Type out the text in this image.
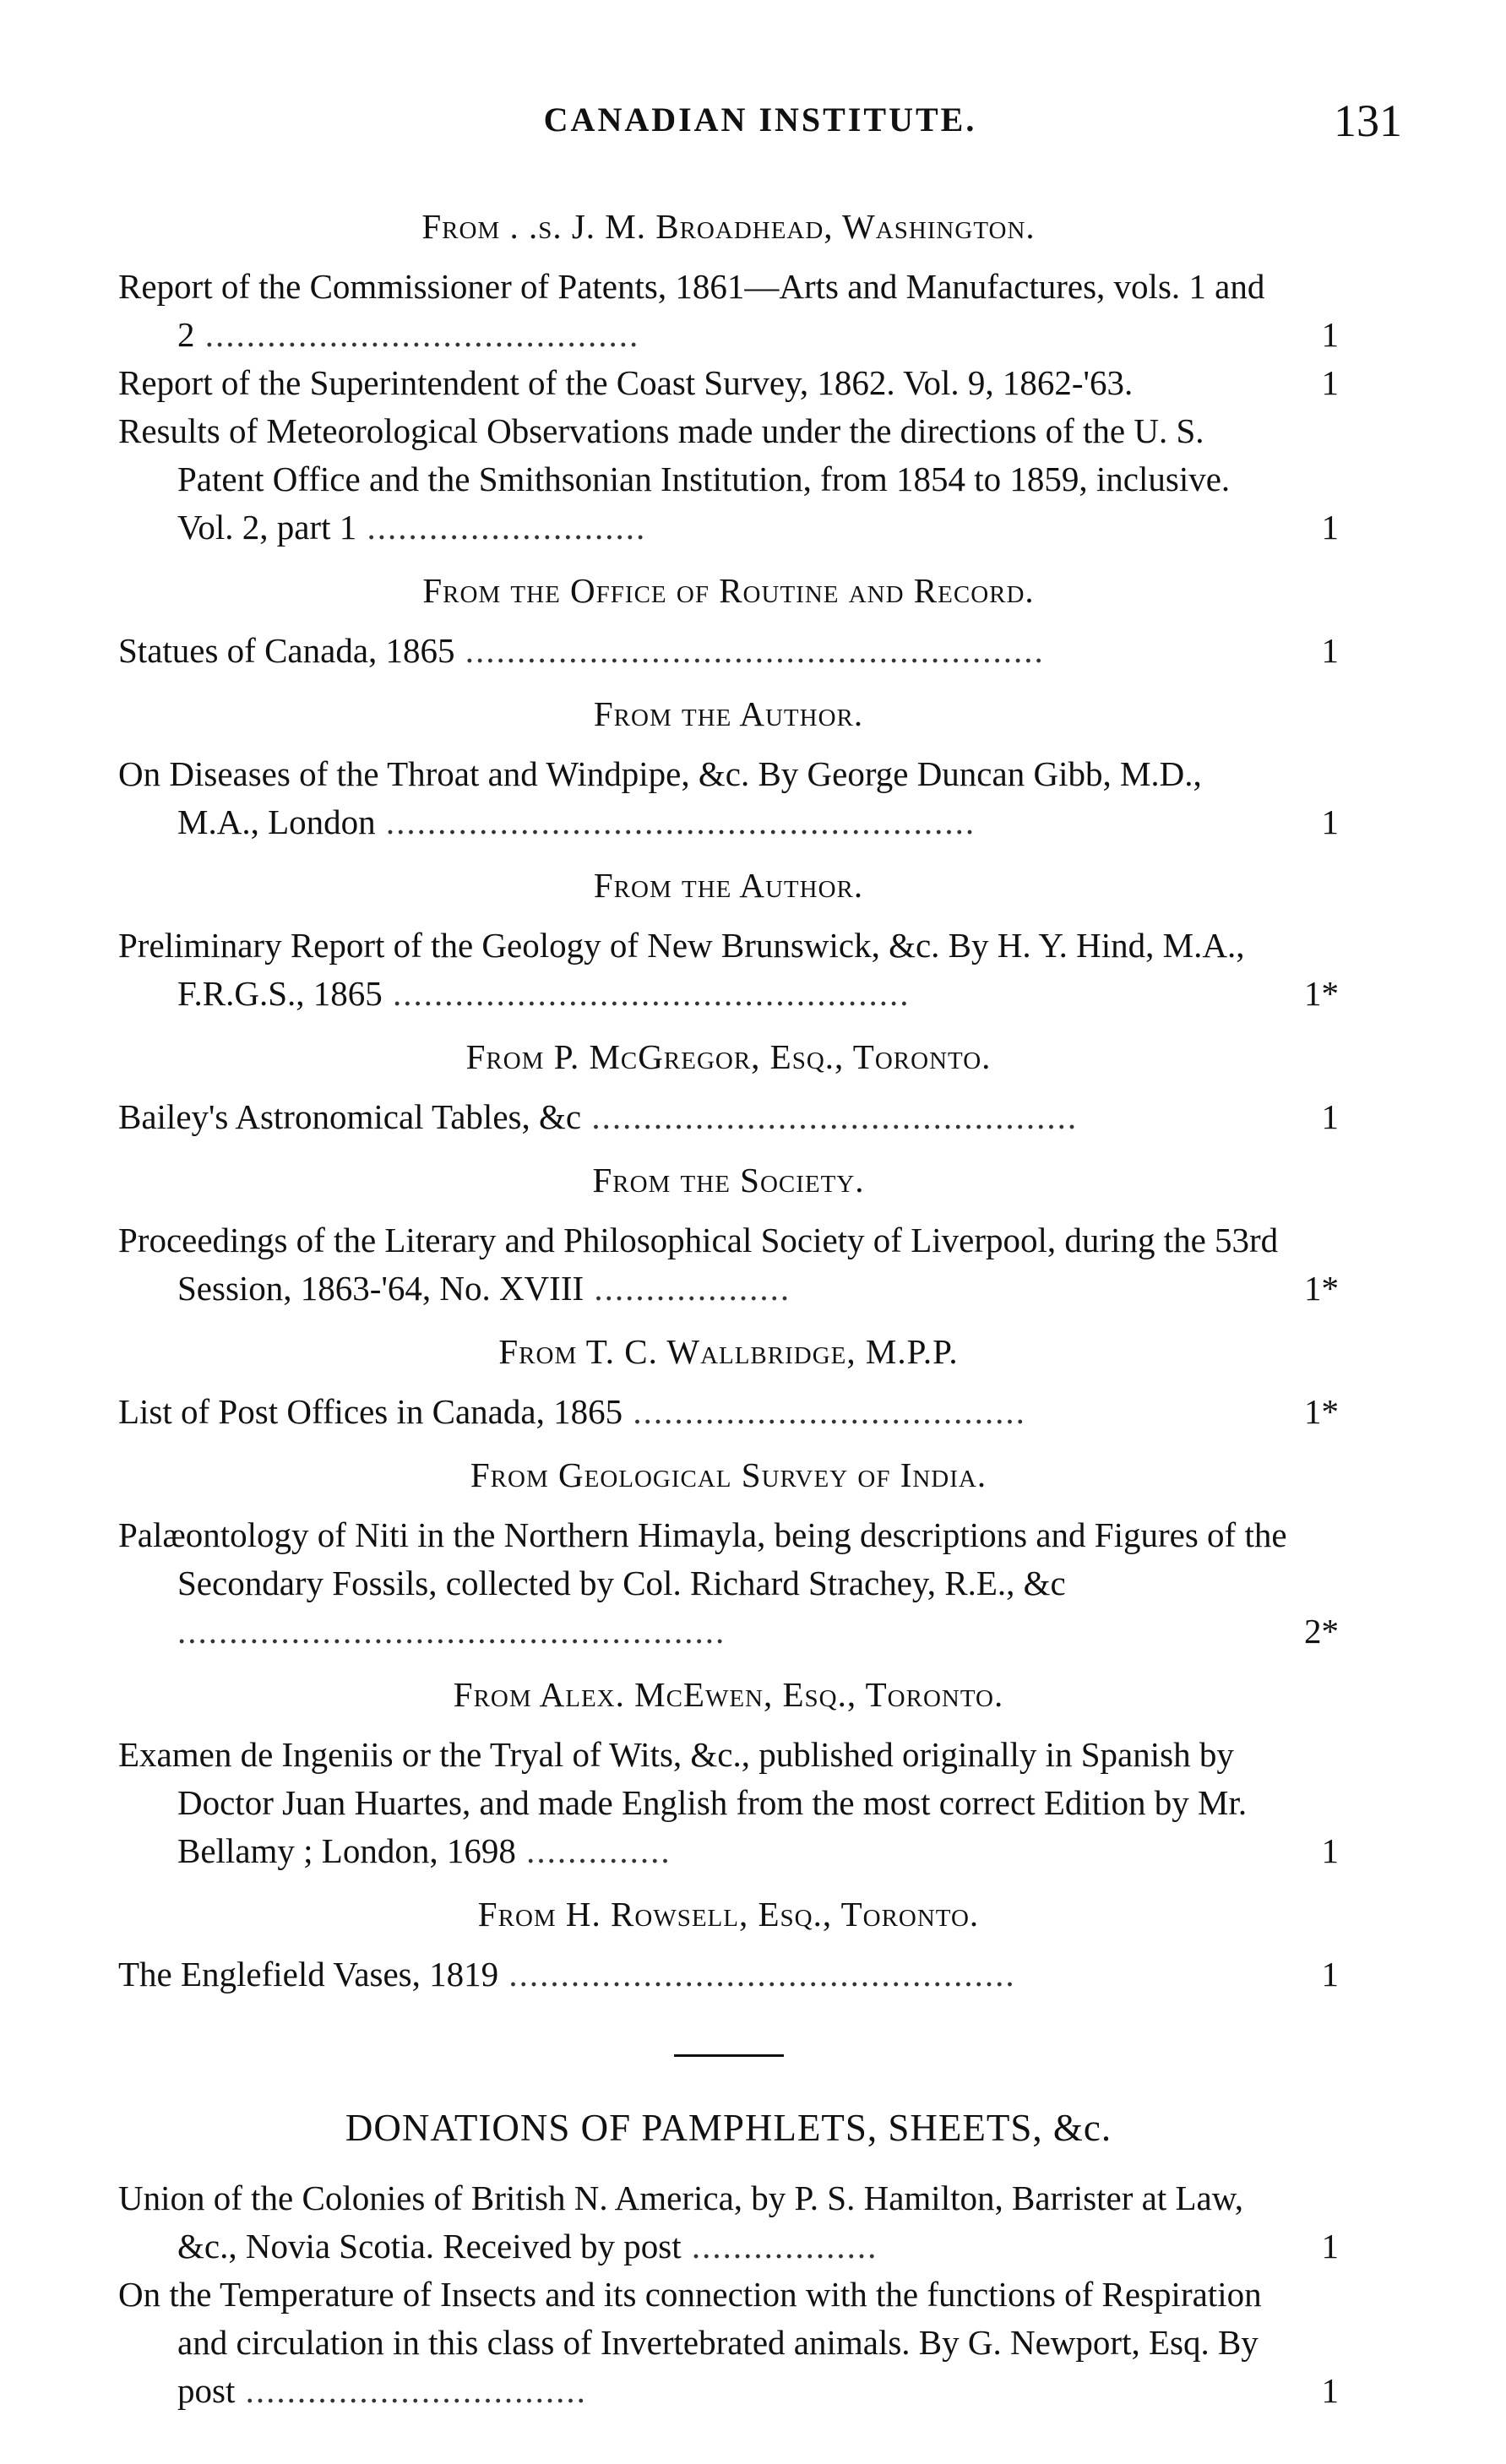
CANADIAN INSTITUTE.	131
From . .s. J. M. Broadhead, Washington.
Report of the Commissioner of Patents, 1861—Arts and Manufactures, vols. 1 and 2 ..........................................	1
Report of the Superintendent of the Coast Survey, 1862. Vol. 9, 1862-'63.	1
Results of Meteorological Observations made under the directions of the U. S. Patent Office and the Smithsonian Institution, from 1854 to 1859, inclusive. Vol. 2, part 1 ...........................	1
From the Office of Routine and Record.
Statues of Canada, 1865 ........................................................	1
From the Author.
On Diseases of the Throat and Windpipe, &c. By George Duncan Gibb, M.D., M.A., London .........................................................	1
From the Author.
Preliminary Report of the Geology of New Brunswick, &c. By H. Y. Hind, M.A., F.R.G.S., 1865 ..................................................	1*
From P. McGregor, Esq., Toronto.
Bailey's Astronomical Tables, &c ...............................................	1
From the Society.
Proceedings of the Literary and Philosophical Society of Liverpool, during the 53rd Session, 1863-'64, No. XVIII ...................	1*
From T. C. Wallbridge, M.P.P.
List of Post Offices in Canada, 1865 ......................................	1*
From Geological Survey of India.
Palæontology of Niti in the Northern Himayla, being descriptions and Figures of the Secondary Fossils, collected by Col. Richard Strachey, R.E., &c .....................................................	2*
From Alex. McEwen, Esq., Toronto.
Examen de Ingeniis or the Tryal of Wits, &c., published originally in Spanish by Doctor Juan Huartes, and made English from the most correct Edition by Mr. Bellamy ; London, 1698 ..............	1
From H. Rowsell, Esq., Toronto.
The Englefield Vases, 1819 .................................................	1
DONATIONS OF PAMPHLETS, SHEETS, &c.
Union of the Colonies of British N. America, by P. S. Hamilton, Barrister at Law, &c., Novia Scotia. Received by post ..................	1
On the Temperature of Insects and its connection with the functions of Respiration and circulation in this class of Invertebrated animals. By G. Newport, Esq. By post .................................	1
